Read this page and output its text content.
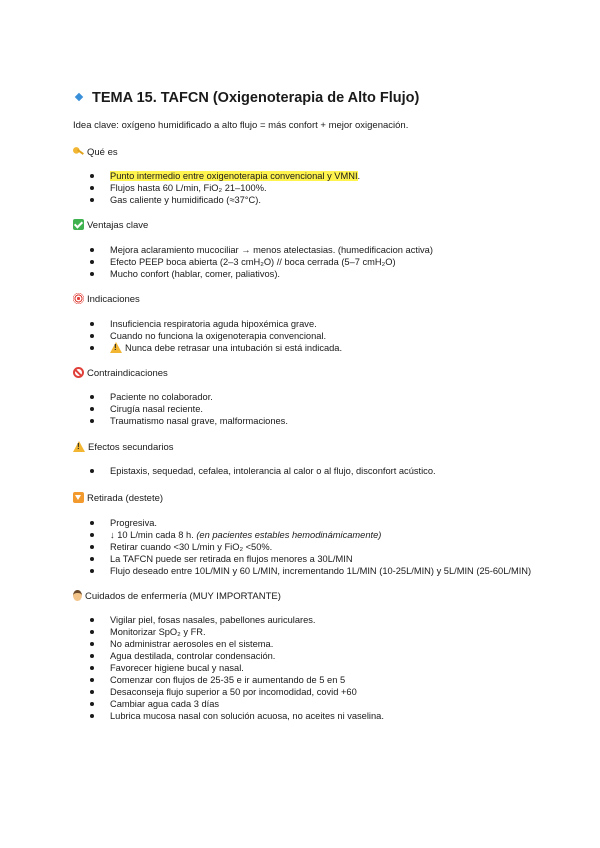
TEMA 15. TAFCN (Oxigenoterapia de Alto Flujo)
Idea clave: oxígeno humidificado a alto flujo = más confort + mejor oxigenación.
Qué es
Punto intermedio entre oxigenoterapia convencional y VMNI.
Flujos hasta 60 L/min, FiO₂ 21–100%.
Gas caliente y humidificado (≈37°C).
Ventajas clave
Mejora aclaramiento mucociliar → menos atelectasias. (humedificacion activa)
Efecto PEEP boca abierta (2–3 cmH₂O) // boca cerrada (5–7 cmH₂O)
Mucho confort (hablar, comer, paliativos).
Indicaciones
Insuficiencia respiratoria aguda hipoxémica grave.
Cuando no funciona la oxigenoterapia convencional.
!Nunca debe retrasar una intubación si está indicada.
Contraindicaciones
Paciente no colaborador.
Cirugía nasal reciente.
Traumatismo nasal grave, malformaciones.
!Efectos secundarios
Epistaxis, sequedad, cefalea, intolerancia al calor o al flujo, disconfort acústico.
Retirada (destete)
Progresiva.
↓ 10 L/min cada 8 h. (en pacientes estables hemodinámicamente)
Retirar cuando <30 L/min y FiO₂ <50%.
La TAFCN puede ser retirada en flujos menores a 30L/MIN
Flujo deseado entre 10L/MIN y 60 L/MIN, incrementando 1L/MIN (10-25L/MIN) y 5L/MIN (25-60L/MIN)
Cuidados de enfermería (MUY IMPORTANTE)
Vigilar piel, fosas nasales, pabellones auriculares.
Monitorizar SpO₂ y FR.
No administrar aerosoles en el sistema.
Agua destilada, controlar condensación.
Favorecer higiene bucal y nasal.
Comenzar con flujos de 25-35 e ir aumentando de 5 en 5
Desaconseja flujo superior a 50 por incomodidad, covid +60
Cambiar agua cada 3 días
Lubrica mucosa nasal con solución acuosa, no aceites ni vaselina.
